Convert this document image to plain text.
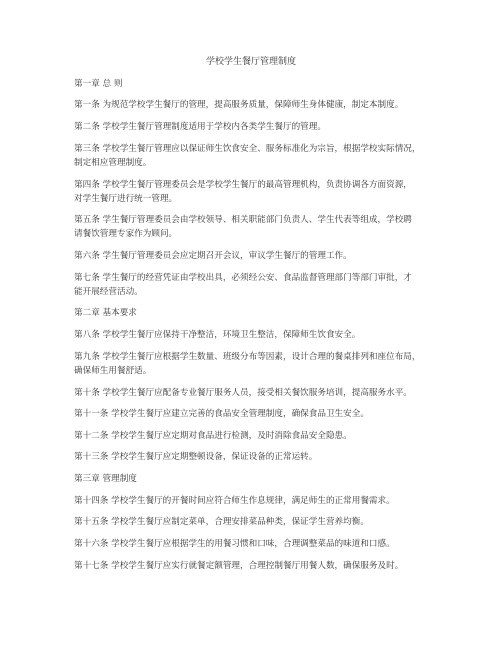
学校学生餐厅管理制度
第一章 总 则
第一条 为规范学校学生餐厅的管理，提高服务质量，保障师生身体健康，制定本制度。
第二条 学校学生餐厅管理制度适用于学校内各类学生餐厅的管理。
第三条 学校学生餐厅管理应以保证师生饮食安全、服务标准化为宗旨，根据学校实际情况，
制定相应管理制度。
第四条 学校学生餐厅管理委员会是学校学生餐厅的最高管理机构，负责协调各方面资源，
对学生餐厅进行统一管理。
第五条 学生餐厅管理委员会由学校领导、相关职能部门负责人、学生代表等组成，学校聘
请餐饮管理专家作为顾问。
第六条 学生餐厅管理委员会应定期召开会议，审议学生餐厅的管理工作。
第七条 学生餐厅的经营凭证由学校出具，必须经公安、食品监督管理部门等部门审批，才
能开展经营活动。
第二章 基本要求
第八条 学校学生餐厅应保持干净整洁，环境卫生整洁，保障师生饮食安全。
第九条 学校学生餐厅应根据学生数量、班级分布等因素，设计合理的餐桌排列和座位布局，
确保师生用餐舒适。
第十条 学校学生餐厅应配备专业餐厅服务人员，接受相关餐饮服务培训，提高服务水平。
第十一条 学校学生餐厅应建立完善的食品安全管理制度，确保食品卫生安全。
第十二条 学校学生餐厅应定期对食品进行检测，及时消除食品安全隐患。
第十三条 学校学生餐厅应定期整顿设备，保证设备的正常运转。
第三章 管理制度
第十四条 学校学生餐厅的开餐时间应符合师生作息规律，满足师生的正常用餐需求。
第十五条 学校学生餐厅应制定菜单，合理安排菜品种类，保证学生营养均衡。
第十六条 学校学生餐厅应根据学生的用餐习惯和口味，合理调整菜品的味道和口感。
第十七条 学校学生餐厅应实行就餐定额管理，合理控制餐厅用餐人数，确保服务及时。
